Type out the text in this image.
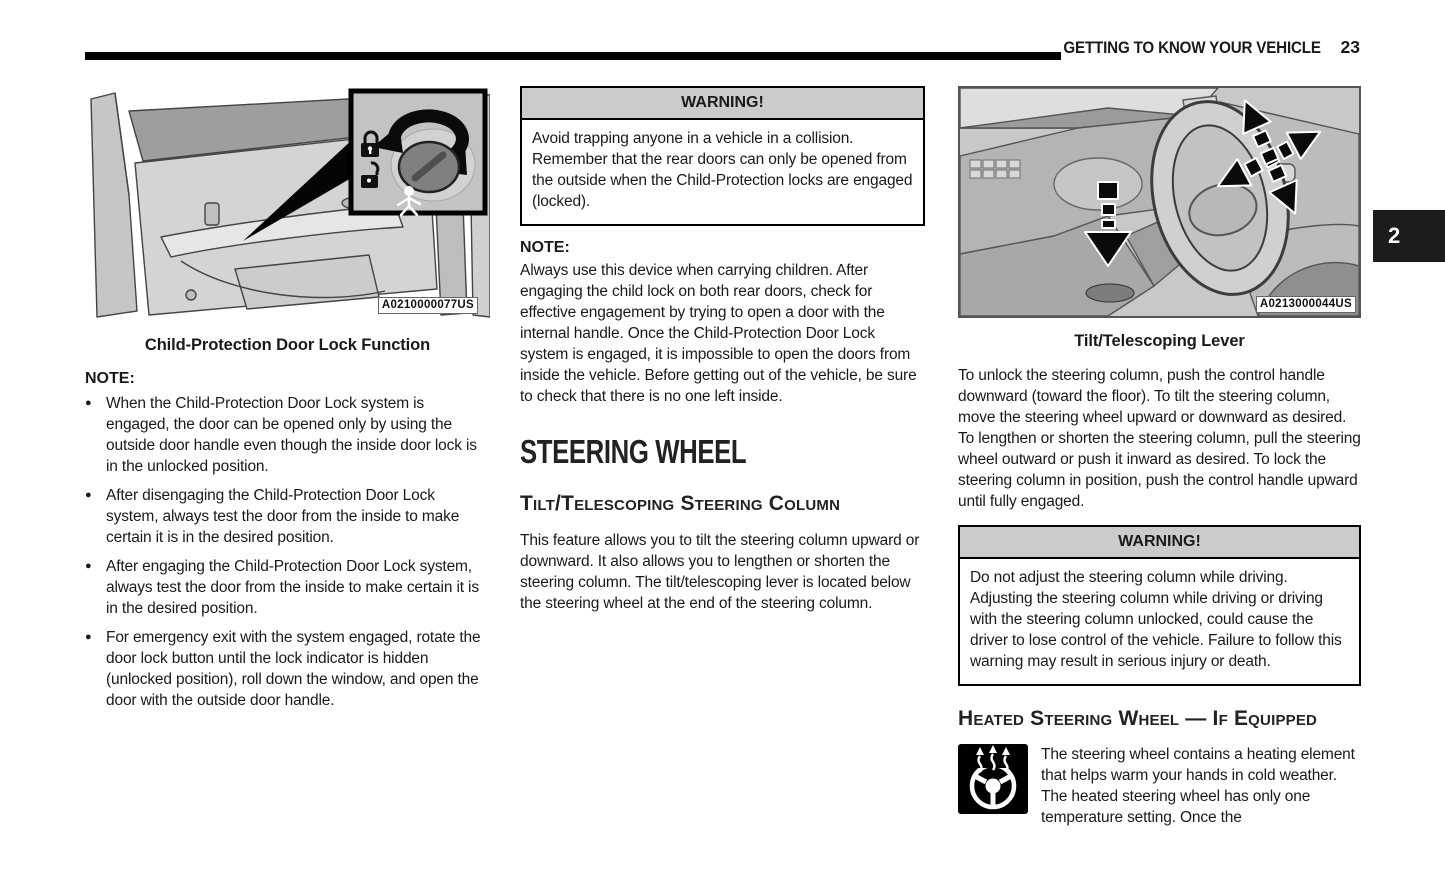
GETTING TO KNOW YOUR VEHICLE 23
2
A0210000077US
Child-Protection Door Lock Function
NOTE:
● When the Child-Protection Door Lock system is engaged, the door can be opened only by using the outside door handle even though the inside door lock is in the unlocked position.
● After disengaging the Child-Protection Door Lock system, always test the door from the inside to make certain it is in the desired position.
● After engaging the Child-Protection Door Lock system, always test the door from the inside to make certain it is in the desired position.
● For emergency exit with the system engaged, rotate the door lock button until the lock indicator is hidden (unlocked position), roll down the window, and open the door with the outside door handle.
WARNING!
Avoid trapping anyone in a vehicle in a collision. Remember that the rear doors can only be opened from the outside when the Child-Protection locks are engaged (locked).
NOTE:
Always use this device when carrying children. After engaging the child lock on both rear doors, check for effective engagement by trying to open a door with the internal handle. Once the Child-Protection Door Lock system is engaged, it is impossible to open the doors from inside the vehicle. Before getting out of the vehicle, be sure to check that there is no one left inside.
STEERING WHEEL
Tilt/Telescoping Steering Column
This feature allows you to tilt the steering column upward or downward. It also allows you to lengthen or shorten the steering column. The tilt/telescoping lever is located below the steering wheel at the end of the steering column.
A0213000044US
Tilt/Telescoping Lever
To unlock the steering column, push the control handle downward (toward the floor). To tilt the steering column, move the steering wheel upward or downward as desired. To lengthen or shorten the steering column, pull the steering wheel outward or push it inward as desired. To lock the steering column in position, push the control handle upward until fully engaged.
WARNING!
Do not adjust the steering column while driving. Adjusting the steering column while driving or driving with the steering column unlocked, could cause the driver to lose control of the vehicle. Failure to follow this warning may result in serious injury or death.
Heated Steering Wheel — If Equipped
The steering wheel contains a heating element that helps warm your hands in cold weather. The heated steering wheel has only one temperature setting. Once the
